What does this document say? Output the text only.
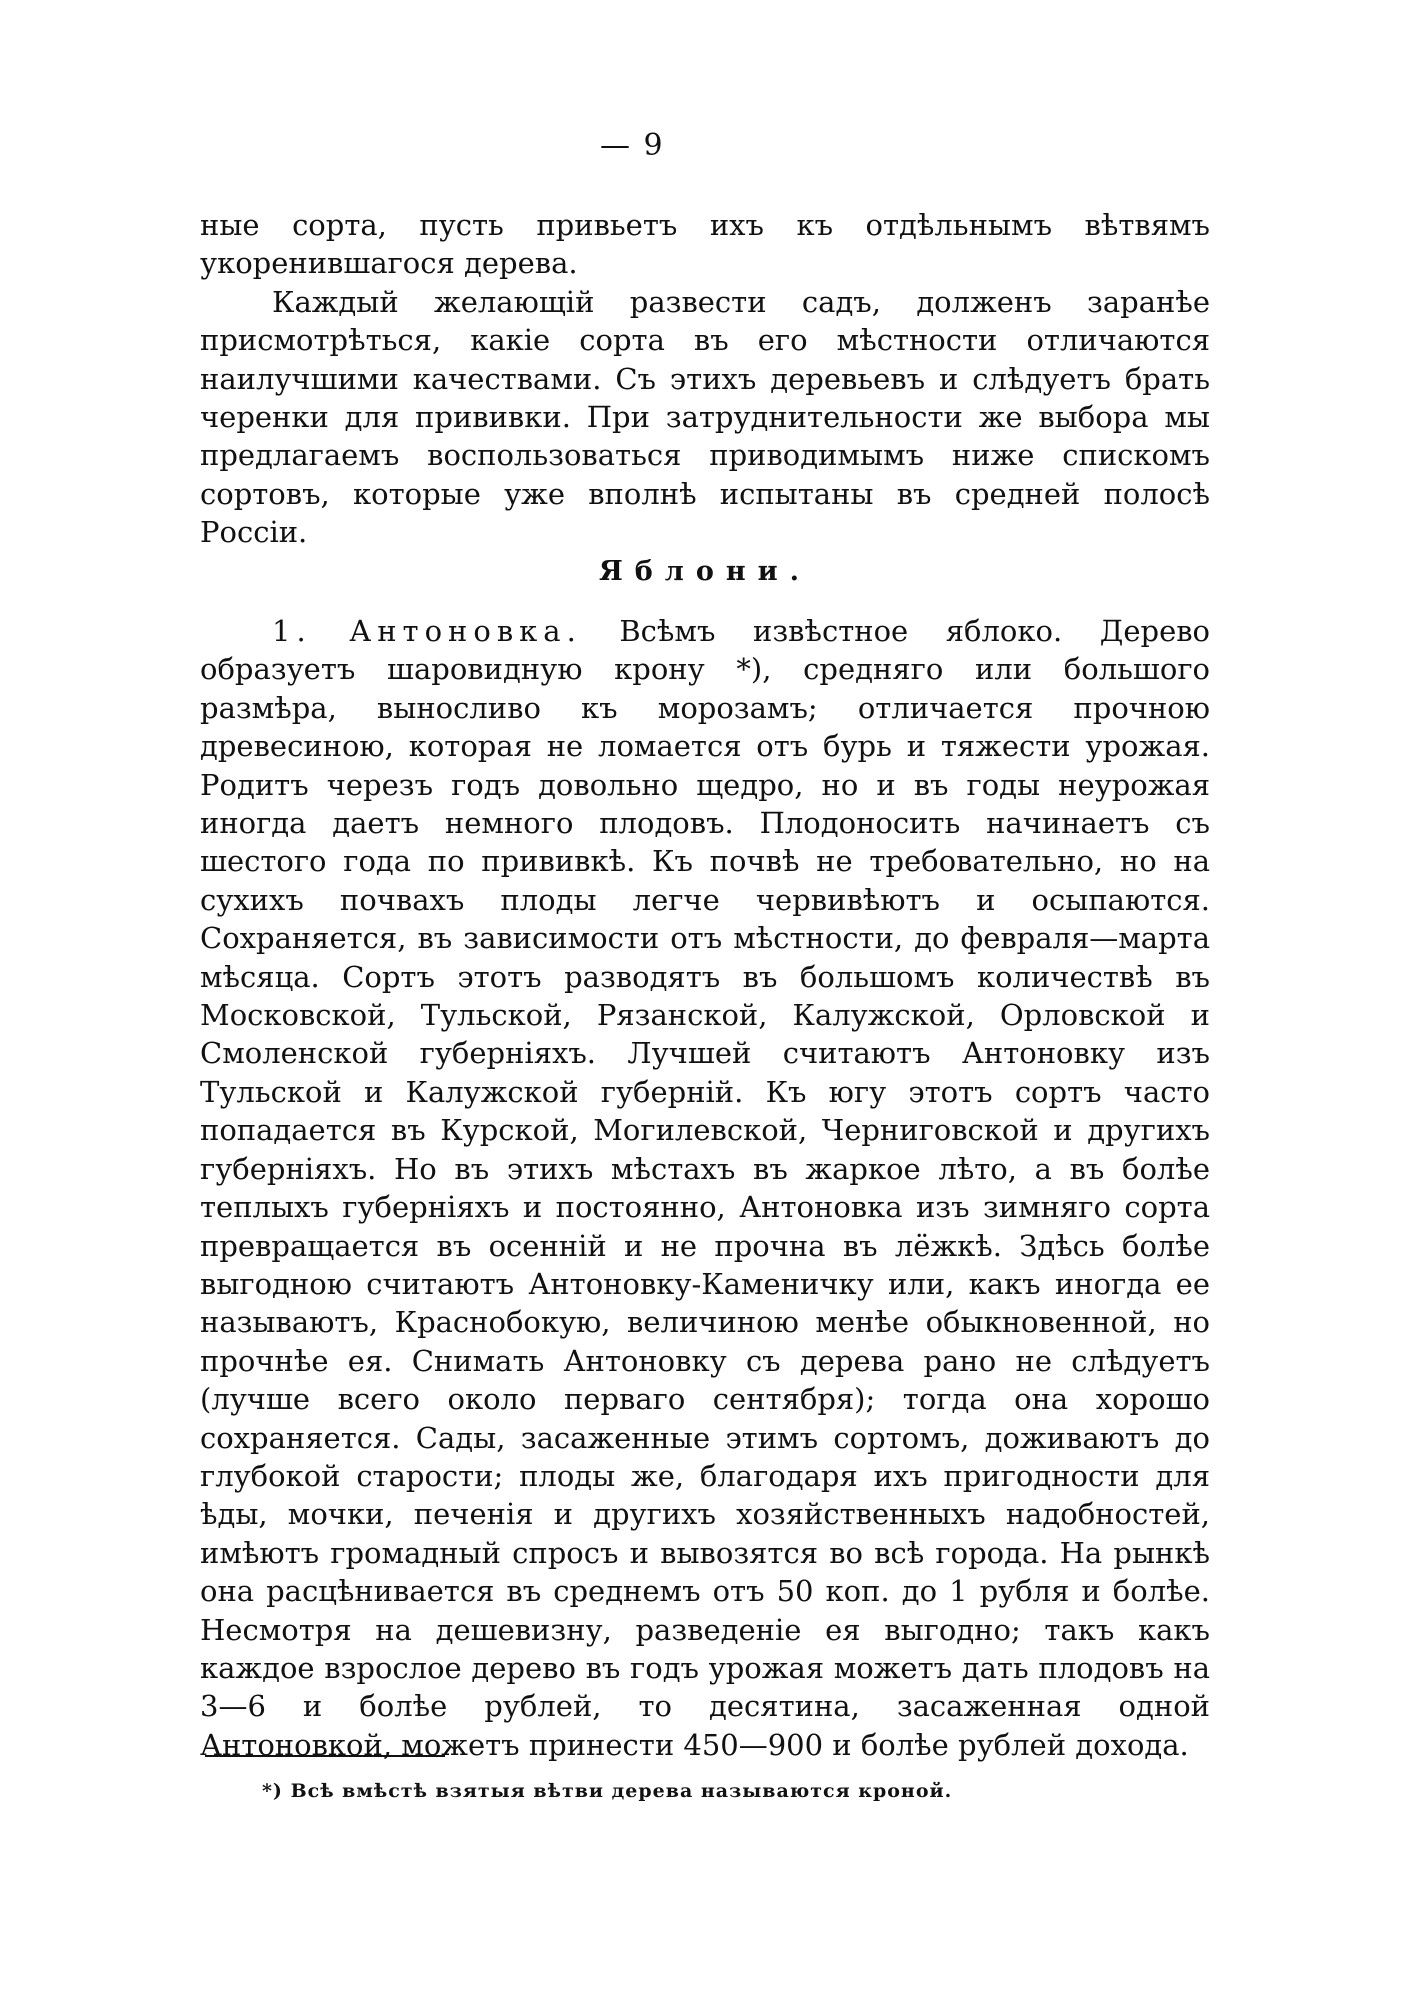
— 9

ные сорта, пусть привьетъ ихъ къ отдѣльнымъ вѣтвямъ укоренившагося дерева.

Каждый желающій развести садъ, долженъ заранѣе присмотрѣться, какіе сорта въ его мѣстности отличаются наилучшими качествами. Съ этихъ деревьевъ и слѣдуетъ брать черенки для прививки. При затруднительности же выбора мы предлагаемъ воспользоваться приводимымъ ниже спискомъ сортовъ, которые уже вполнѣ испытаны въ средней полосѣ Россіи.

Яблони.

1. Антоновка. Всѣмъ извѣстное яблоко. Дерево образуетъ шаровидную крону *), средняго или большого размѣра, выносливо къ морозамъ; отличается прочною древесиною, которая не ломается отъ бурь и тяжести урожая. Родитъ черезъ годъ довольно щедро, но и въ годы неурожая иногда даетъ немного плодовъ. Плодоносить начинаетъ съ шестого года по прививкѣ. Къ почвѣ не требовательно, но на сухихъ почвахъ плоды легче червивѣютъ и осыпаются. Сохраняется, въ зависимости отъ мѣстности, до февраля—марта мѣсяца. Сортъ этотъ разводятъ въ большомъ количествѣ въ Московской, Тульской, Рязанской, Калужской, Орловской и Смоленской губерніяхъ. Лучшей считаютъ Антоновку изъ Тульской и Калужской губерній. Къ югу этотъ сортъ часто попадается въ Курской, Могилевской, Черниговской и другихъ губерніяхъ. Но въ этихъ мѣстахъ въ жаркое лѣто, а въ болѣе теплыхъ губерніяхъ и постоянно, Антоновка изъ зимняго сорта превращается въ осенній и не прочна въ лёжкѣ. Здѣсь болѣе выгодною считаютъ Антоновку-Каменичку или, какъ иногда ее называютъ, Краснобокую, величиною менѣе обыкновенной, но прочнѣе ея. Снимать Антоновку съ дерева рано не слѣдуетъ (лучше всего около перваго сентября); тогда она хорошо сохраняется. Сады, засаженные этимъ сортомъ, доживаютъ до глубокой старости; плоды же, благодаря ихъ пригодности для ѣды, мочки, печенія и другихъ хозяйственныхъ надобностей, имѣютъ громадный спросъ и вывозятся во всѣ города. На рынкѣ она расцѣнивается въ среднемъ отъ 50 коп. до 1 рубля и болѣе. Несмотря на дешевизну, разведеніе ея выгодно; такъ какъ каждое взрослое дерево въ годъ урожая можетъ дать плодовъ на 3—6 и болѣе рублей, то десятина, засаженная одной Антоновкой, можетъ принести 450—900 и болѣе рублей дохода.

*) Всѣ вмѣстѣ взятыя вѣтви дерева называются кроной.
